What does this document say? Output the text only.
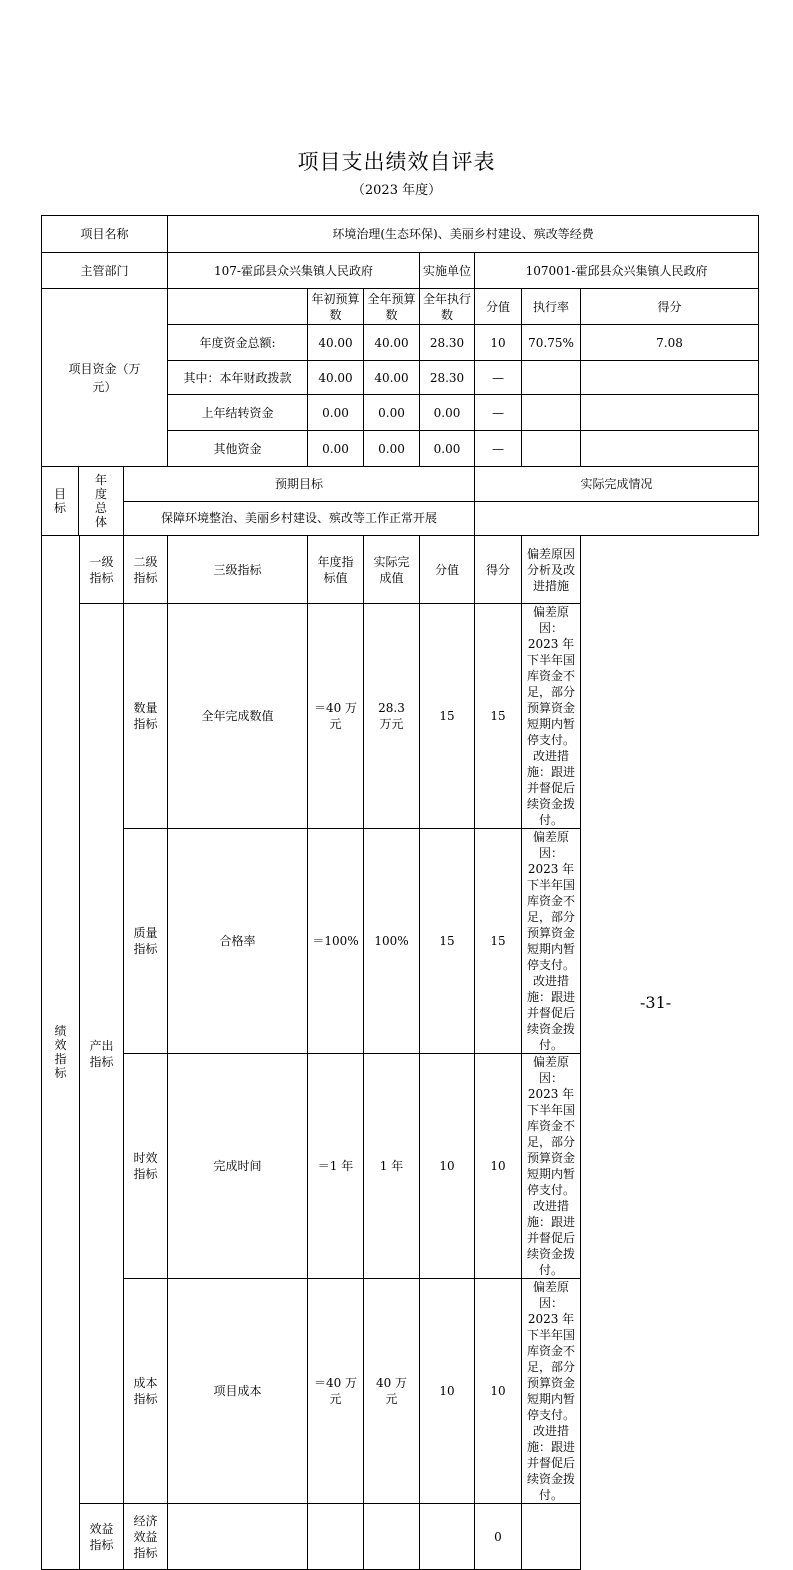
项目支出绩效自评表
（2023 年度）
项目名称	环境治理(生态环保)、美丽乡村建设、殡改等经费
主管部门	107-霍邱县众兴集镇人民政府	实施单位	107001-霍邱县众兴集镇人民政府
项目资金（万元）		年初预算数	全年预算数	全年执行数	分值	执行率	得分
年度资金总额:	40.00	40.00	28.30	10	70.75%	7.08
其中：本年财政拨款	40.00	40.00	28.30	—		
上年结转资金	0.00	0.00	0.00	—		
其他资金	0.00	0.00	0.00	—		

目标	年度总体
	预期目标	实际完成情况
保障环境整治、美丽乡村建设、殡改等工作正常开展	
绩效指标	一级指标	二级指标	三级指标	年度指标值	实际完成值	分值	得分	偏差原因分析及改进措施
产出指标	数量指标	全年完成数值	＝40 万元	28.3万元	15	15	偏差原因：2023 年下半年国库资金不足，部分预算资金短期内暂停支付。改进措施：跟进并督促后续资金拨付。
质量指标	合格率	＝100%	100%	15	15	偏差原因：2023 年下半年国库资金不足，部分预算资金短期内暂停支付。改进措施：跟进并督促后续资金拨付。
时效指标	完成时间	＝1 年	1 年	10	10	偏差原因：2023 年下半年国库资金不足，部分预算资金短期内暂停支付。改进措施：跟进并督促后续资金拨付。
成本指标	项目成本	＝40 万元	40 万元	10	10	偏差原因：2023 年下半年国库资金不足，部分预算资金短期内暂停支付。改进措施：跟进并督促后续资金拨付。
效益指标	经济效益指标					0	
-31-
